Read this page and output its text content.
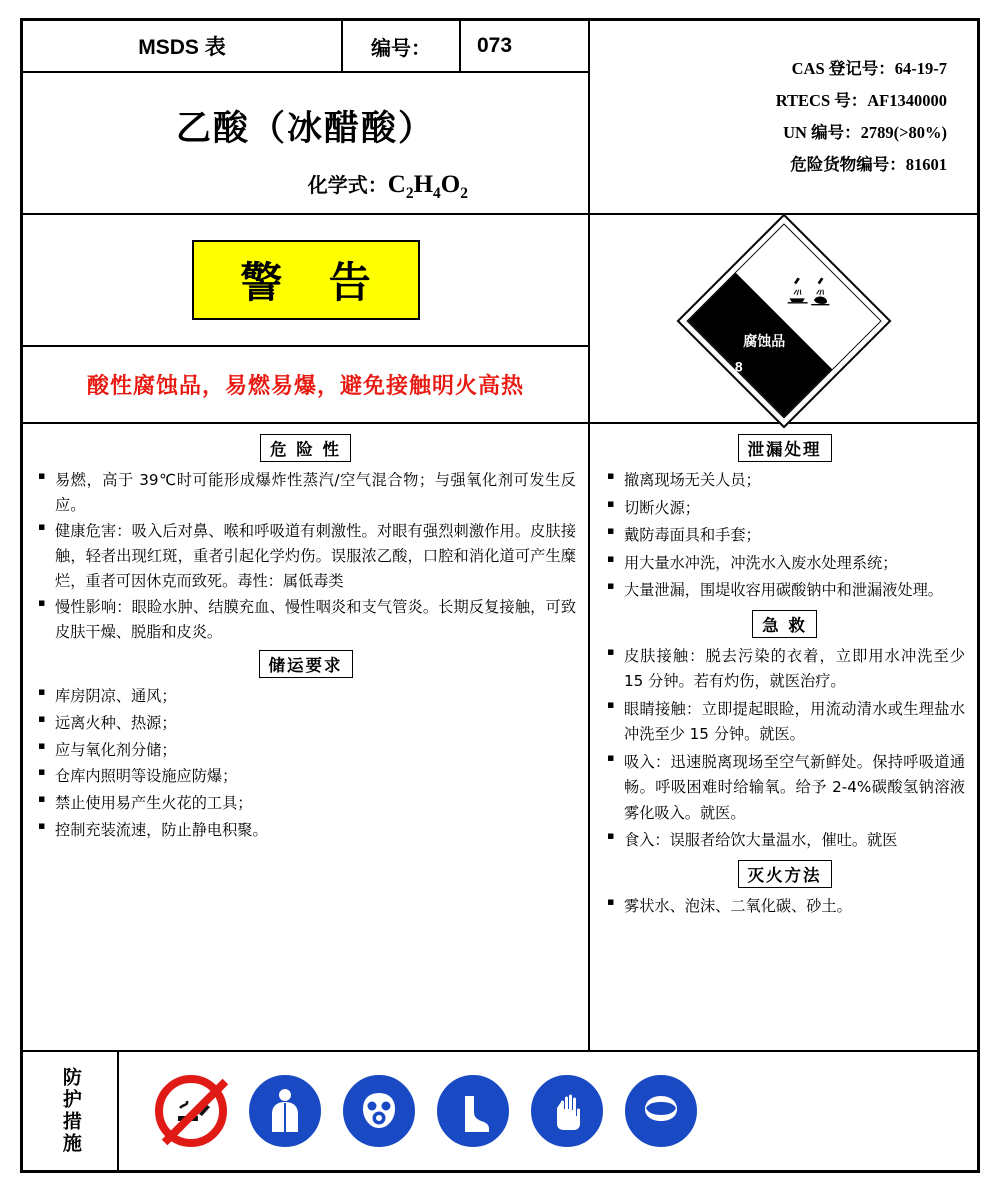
MSDS 表	编号：	073
乙酸（冰醋酸）
化学式：$C_2H_4O_2$
警 告
酸性腐蚀品，易燃易爆，避免接触明火高热
CAS 登记号：64-19-7
RTECS 号：AF1340000
UN 编号：2789(>80%)
危险货物编号：81601
腐蚀品
8
危 险 性
▪ 易燃，高于 39℃时可能形成爆炸性蒸汽/空气混合物；与强氧化剂可发生反应。
▪ 健康危害：吸入后对鼻、喉和呼吸道有刺激性。对眼有强烈刺激作用。皮肤接触，轻者出现红斑，重者引起化学灼伤。误服浓乙酸，口腔和消化道可产生糜烂，重者可因休克而致死。毒性：属低毒类
▪ 慢性影响：眼睑水肿、结膜充血、慢性咽炎和支气管炎。长期反复接触，可致皮肤干燥、脱脂和皮炎。
储运要求
▪ 库房阴凉、通风；
▪ 远离火种、热源；
▪ 应与氧化剂分储；
▪ 仓库内照明等设施应防爆；
▪ 禁止使用易产生火花的工具；
▪ 控制充装流速，防止静电积聚。
泄漏处理
▪ 撤离现场无关人员；
▪ 切断火源；
▪ 戴防毒面具和手套；
▪ 用大量水冲洗，冲洗水入废水处理系统；
▪ 大量泄漏，围堤收容用碳酸钠中和泄漏液处理。
急 救
▪ 皮肤接触：脱去污染的衣着，立即用水冲洗至少 15 分钟。若有灼伤，就医治疗。
▪ 眼睛接触：立即提起眼睑，用流动清水或生理盐水冲洗至少 15 分钟。就医。
▪ 吸入：迅速脱离现场至空气新鲜处。保持呼吸道通畅。呼吸困难时给输氧。给予 2-4%碳酸氢钠溶液雾化吸入。就医。
▪ 食入：误服者给饮大量温水，催吐。就医
灭火方法
▪ 雾状水、泡沫、二氧化碳、砂土。
防护措施
